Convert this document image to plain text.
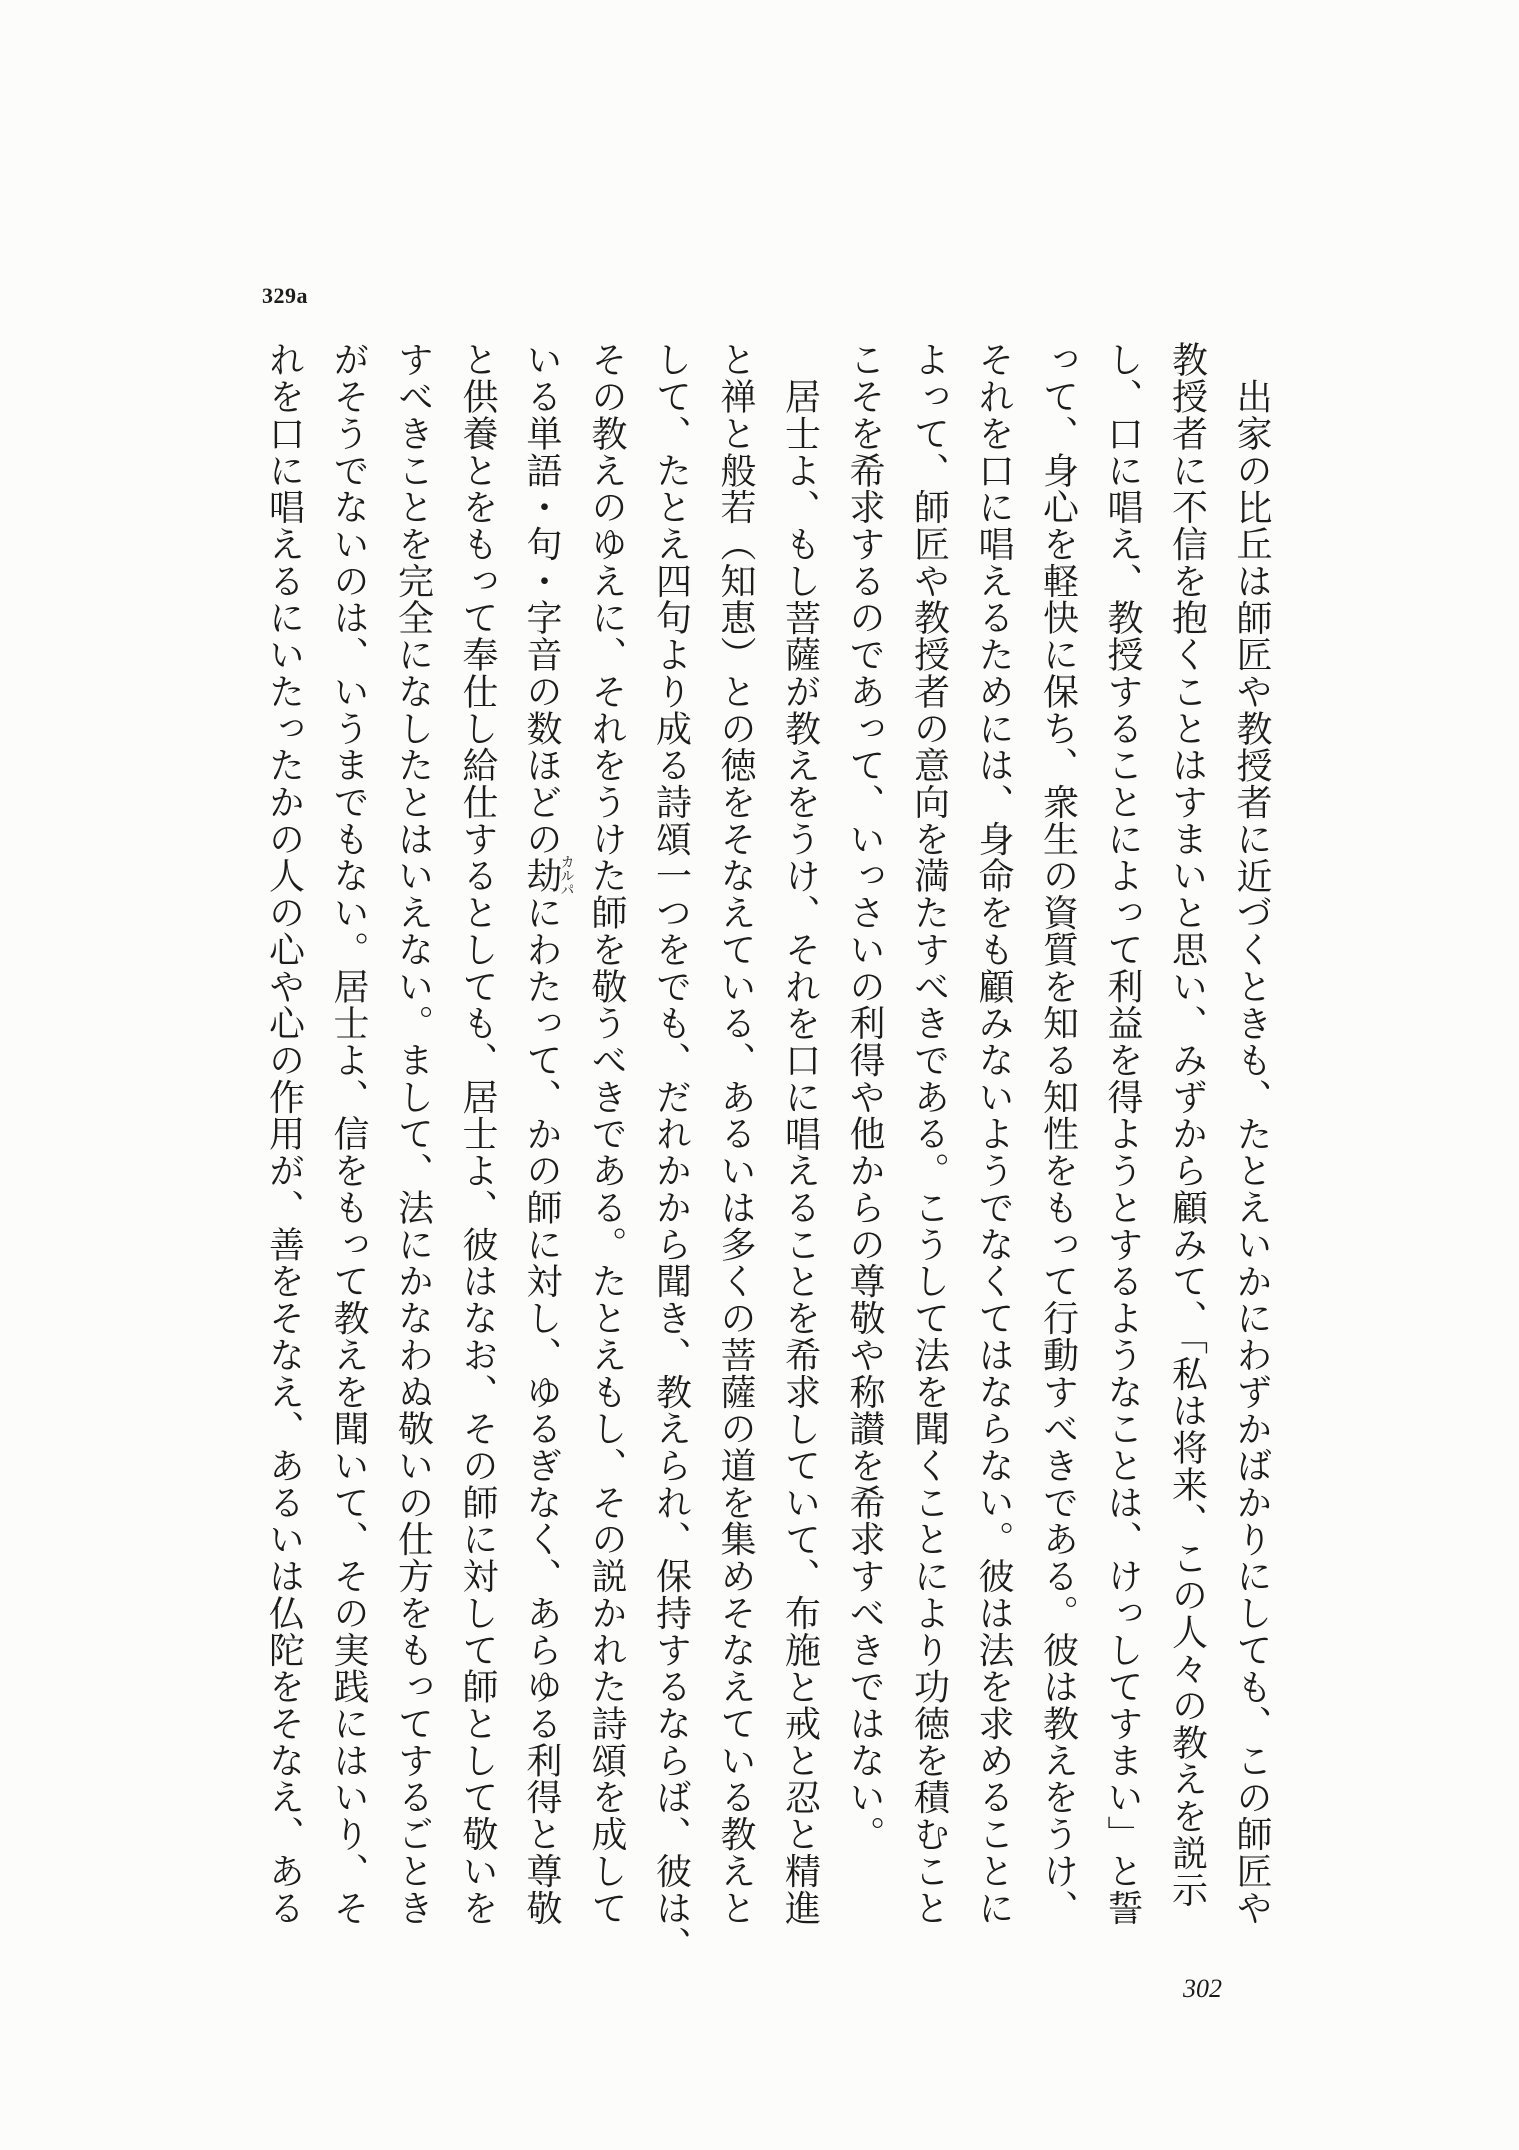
329a
出家の比丘は師匠や教授者に近づくときも、たとえいかにわずかばかりにしても、この師匠や
教授者に不信を抱くことはすまいと思い、みずから顧みて、「私は将来、この人々の教えを説示
し、口に唱え、教授することによって利益を得ようとするようなことは、けっしてすまい」と誓
って、身心を軽快に保ち、衆生の資質を知る知性をもって行動すべきである。彼は教えをうけ、
それを口に唱えるためには、身命をも顧みないようでなくてはならない。彼は法を求めることに
よって、師匠や教授者の意向を満たすべきである。こうして法を聞くことにより功徳を積むこと
こそを希求するのであって、いっさいの利得や他からの尊敬や称讃を希求すべきではない。
居士よ、もし菩薩が教えをうけ、それを口に唱えることを希求していて、布施と戒と忍と精進
と禅と般若（知恵）との徳をそなえている、あるいは多くの菩薩の道を集めそなえている教えと
して、たとえ四句より成る詩頌一つをでも、だれかから聞き、教えられ、保持するならば、彼は、
その教えのゆえに、それをうけた師を敬うべきである。たとえもし、その説かれた詩頌を成して
いる単語・句・字音の数ほどの劫カルパにわたって、かの師に対し、ゆるぎなく、あらゆる利得と尊敬
と供養とをもって奉仕し給仕するとしても、居士よ、彼はなお、その師に対して師として敬いを
すべきことを完全になしたとはいえない。まして、法にかなわぬ敬いの仕方をもってするごとき
がそうでないのは、いうまでもない。居士よ、信をもって教えを聞いて、その実践にはいり、そ
れを口に唱えるにいたったかの人の心や心の作用が、善をそなえ、あるいは仏陀をそなえ、ある
302
